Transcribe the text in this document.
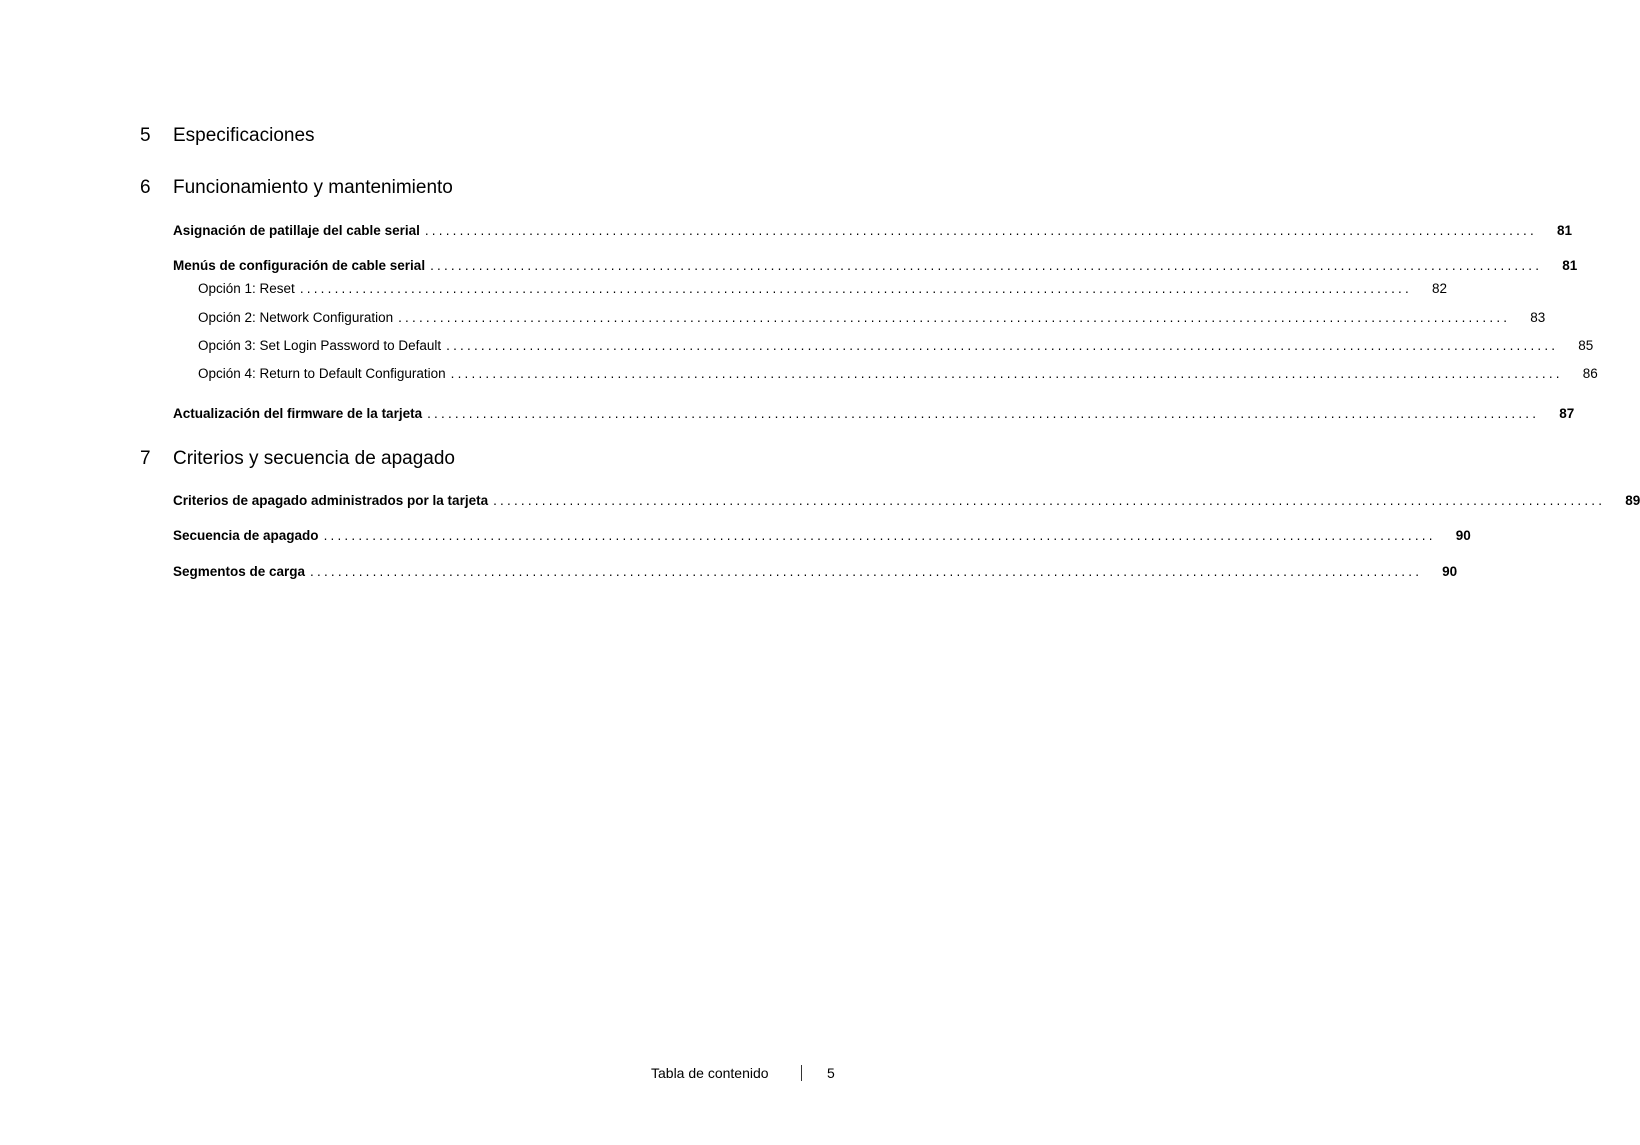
5 Especificaciones
6 Funcionamiento y mantenimiento
Asignación de patillaje del cable serial ................................................................................................................................................................ 81
Menús de configuración de cable serial ................................................................................................................................................................ 81
Opción 1: Reset ................................................................................................................................................................ 82
Opción 2: Network Configuration ................................................................................................................................................................ 83
Opción 3: Set Login Password to Default ................................................................................................................................................................ 85
Opción 4: Return to Default Configuration ................................................................................................................................................................ 86
Actualización del firmware de la tarjeta ................................................................................................................................................................ 87
7 Criterios y secuencia de apagado
Criterios de apagado administrados por la tarjeta ................................................................................................................................................................ 89
Secuencia de apagado ................................................................................................................................................................ 90
Segmentos de carga ................................................................................................................................................................ 90
Tabla de contenido	5
